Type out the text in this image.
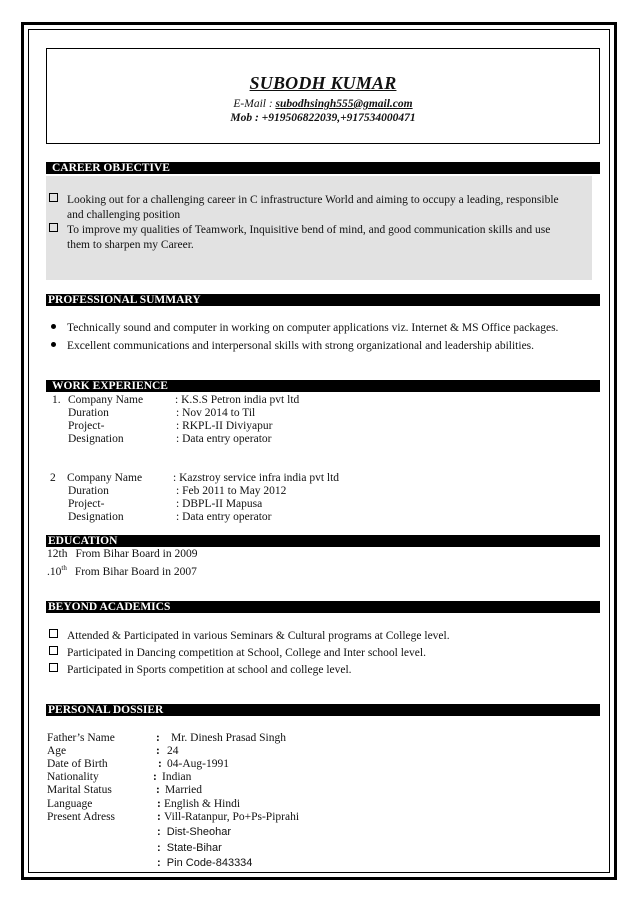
SUBODH KUMAR
E-Mail : subodhsingh555@gmail.com
Mob : +919506822039,+917534000471
CAREER OBJECTIVE
Looking out for a challenging career in C infrastructure World and aiming to occupy a leading, responsible
and challenging position
To improve my qualities of Teamwork, Inquisitive bend of mind, and good communication skills and use
them to sharpen my Career.
PROFESSIONAL SUMMARY
Technically sound and computer in working on computer applications viz. Internet & MS Office packages.
Excellent communications and interpersonal skills with strong organizational and leadership abilities.
WORK EXPERIENCE
1. Company Name	: K.S.S Petron india pvt ltd
Duration	: Nov 2014 to Til
Project-	: RKPL-II Diviyapur
Designation	: Data entry operator
2 Company Name	: Kazstroy service infra india pvt ltd
Duration	: Feb 2011 to May 2012
Project-	: DBPL-II Mapusa
Designation	: Data entry operator
EDUCATION
12th From Bihar Board in 2009
.10th From Bihar Board in 2007
BEYOND ACADEMICS
Attended & Participated in various Seminars & Cultural programs at College level.
Participated in Dancing competition at School, College and Inter school level.
Participated in Sports competition at school and college level.
PERSONAL DOSSIER
Father’s Name	: Mr. Dinesh Prasad Singh
Age	: 24
Date of Birth	: 04-Aug-1991
Nationality	: Indian
Marital Status	: Married
Language	: English & Hindi
Present Adress	: Vill-Ratanpur, Po+Ps-Piprahi
: Dist-Sheohar
: State-Bihar
: Pin Code-843334
